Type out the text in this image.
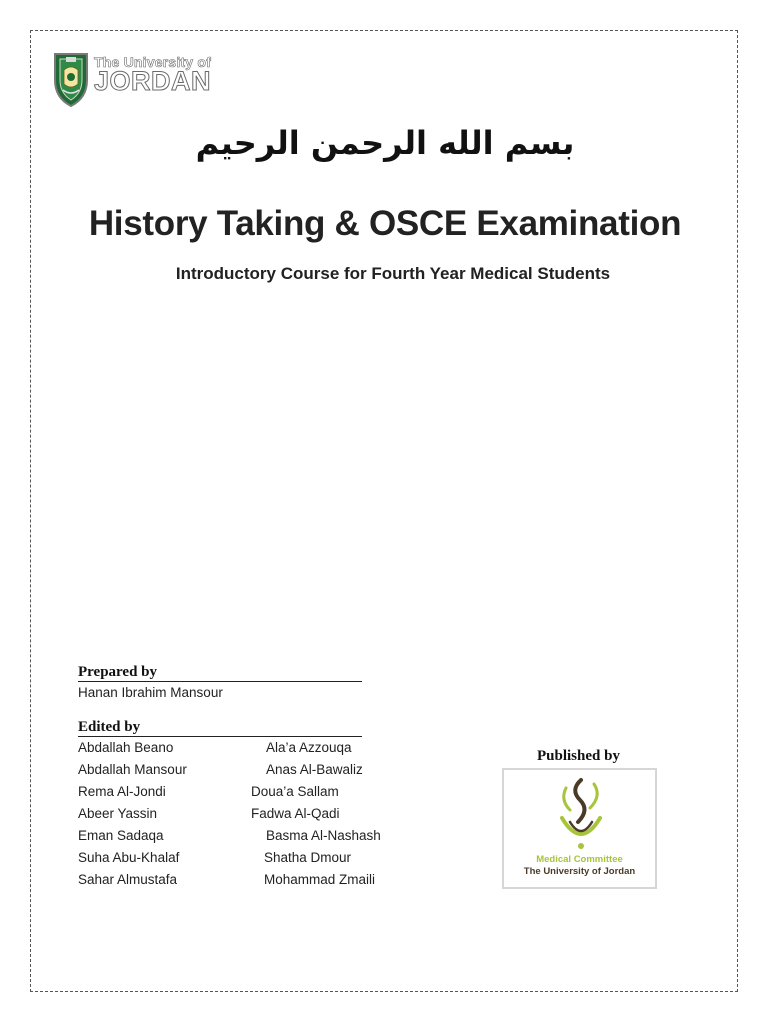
The University of
JORDAN
بسم الله الرحمن الرحيم
History Taking & OSCE Examination
Introductory Course for Fourth Year Medical Students
Prepared by
Hanan Ibrahim Mansour
Edited by
Abdallah Beano
Abdallah Mansour
Rema Al-Jondi
Abeer Yassin
Eman Sadaqa
Suha Abu-Khalaf
Sahar Almustafa
Ala’a Azzouqa
Anas Al-Bawaliz
Doua’a Sallam
Fadwa Al-Qadi
Basma Al-Nashash
Shatha Dmour
Mohammad Zmaili
Published by
Medical Committee
The University of Jordan
